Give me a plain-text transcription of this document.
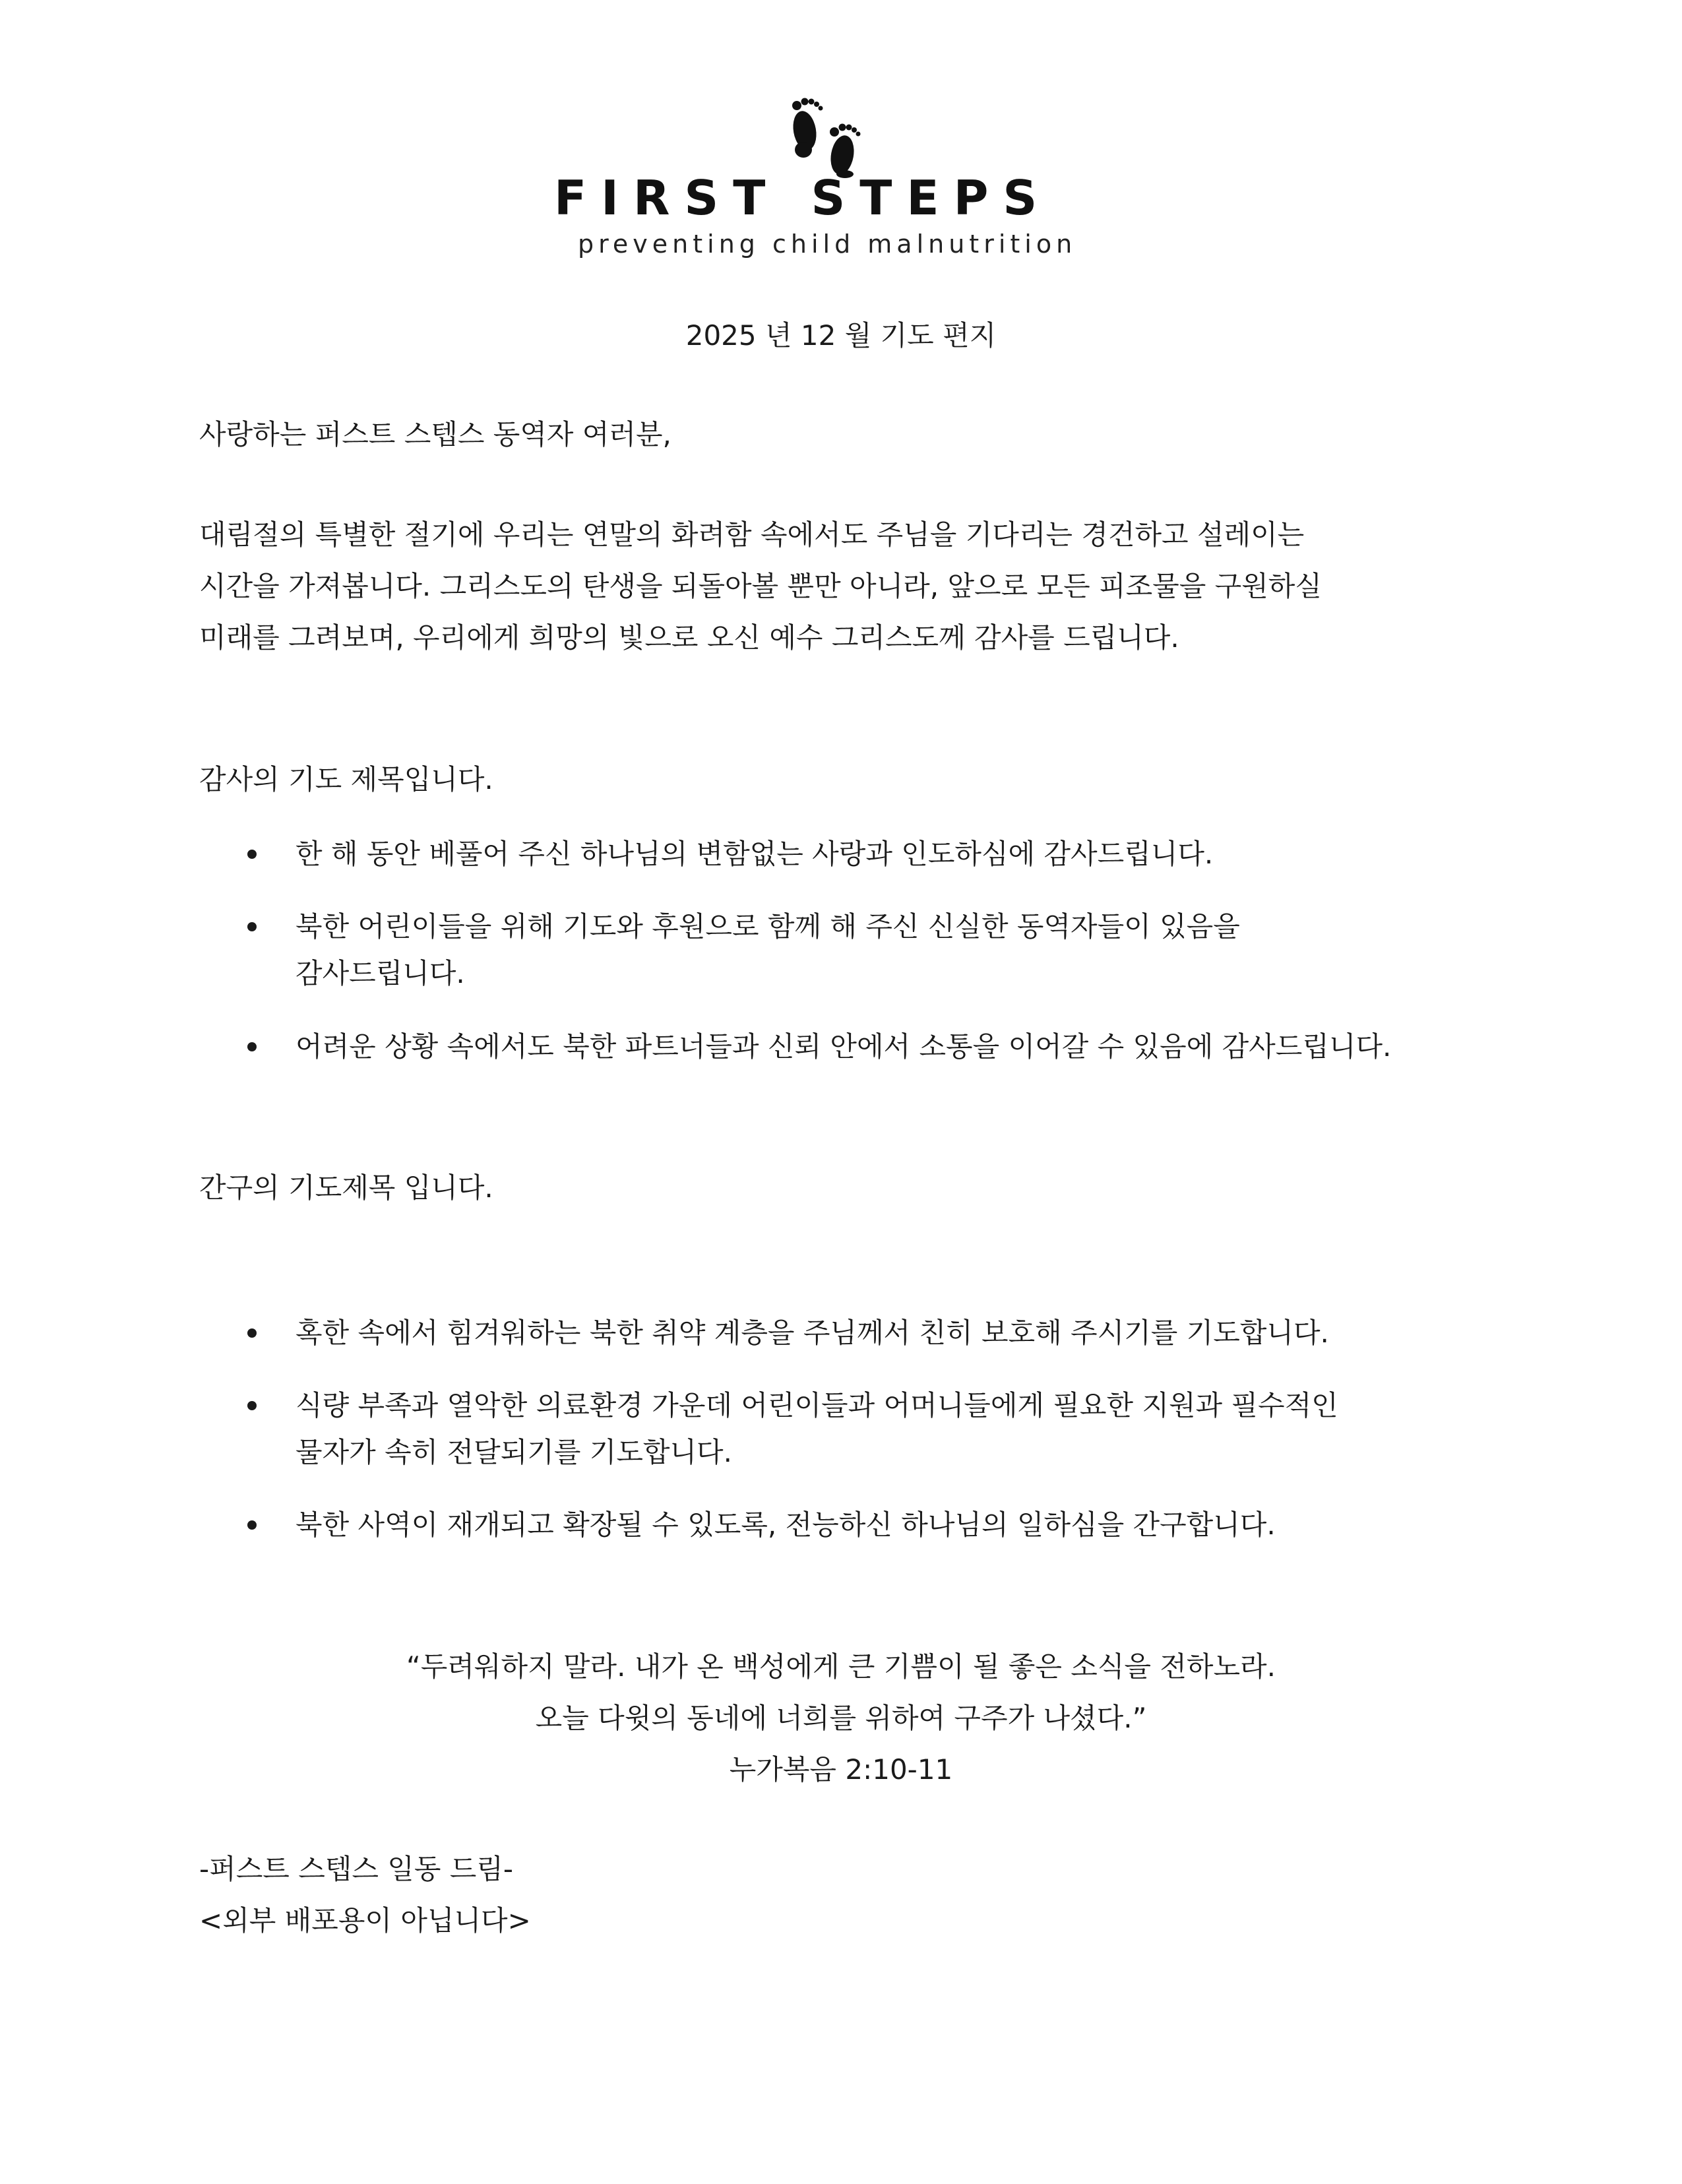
FIRST STEPS
preventing child malnutrition
2025 년 12 월 기도 편지
사랑하는 퍼스트 스텝스 동역자 여러분,
대림절의 특별한 절기에 우리는 연말의 화려함 속에서도 주님을 기다리는 경건하고 설레이는
시간을 가져봅니다. 그리스도의 탄생을 되돌아볼 뿐만 아니라, 앞으로 모든 피조물을 구원하실
미래를 그려보며, 우리에게 희망의 빛으로 오신 예수 그리스도께 감사를 드립니다.
감사의 기도 제목입니다.
한 해 동안 베풀어 주신 하나님의 변함없는 사랑과 인도하심에 감사드립니다.
북한 어린이들을 위해 기도와 후원으로 함께 해 주신 신실한 동역자들이 있음을
감사드립니다.
어려운 상황 속에서도 북한 파트너들과 신뢰 안에서 소통을 이어갈 수 있음에 감사드립니다.
간구의 기도제목 입니다.
혹한 속에서 힘겨워하는 북한 취약 계층을 주님께서 친히 보호해 주시기를 기도합니다.
식량 부족과 열악한 의료환경 가운데 어린이들과 어머니들에게 필요한 지원과 필수적인
물자가 속히 전달되기를 기도합니다.
북한 사역이 재개되고 확장될 수 있도록, 전능하신 하나님의 일하심을 간구합니다.
“두려워하지 말라. 내가 온 백성에게 큰 기쁨이 될 좋은 소식을 전하노라.
오늘 다윗의 동네에 너희를 위하여 구주가 나셨다.”
누가복음 2:10-11
-퍼스트 스텝스 일동 드림-
<외부 배포용이 아닙니다>
